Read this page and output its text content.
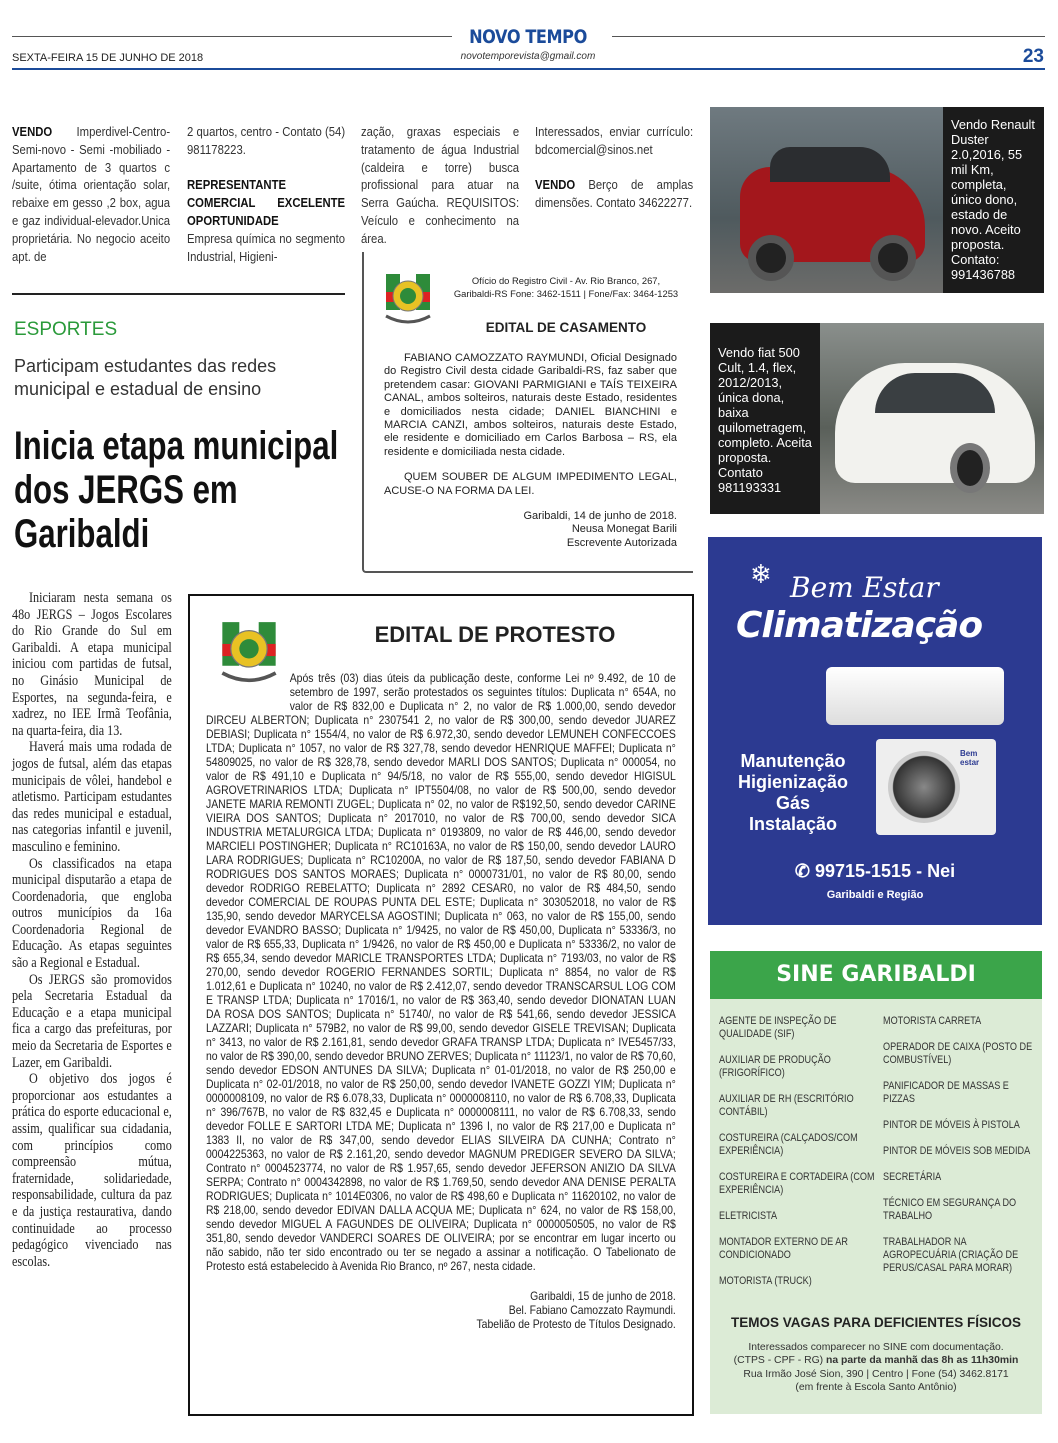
NOVO TEMPO
novotemporevista@gmail.com
SEXTA-FEIRA 15 DE JUNHO DE 2018	23
VENDO Imperdivel-Centro-Semi-novo - Semi -mobiliado -Apartamento de 3 quartos c /suite, ótima orientação solar, rebaixe em gesso ,2 box, agua e gaz individual-elevador.Unica proprietária. No negocio aceito apt. de
2 quartos, centro - Contato (54) 981178223.

REPRESENTANTE COMERCIAL EXCELENTE OPORTUNIDADE
Empresa química no segmento Industrial, Higieni-
zação, graxas especiais e tratamento de água Industrial (caldeira e torre) busca profissional para atuar na Serra Gaúcha. REQUISITOS: Veículo e conhecimento na área.
Interessados, enviar currículo: bdcomercial@sinos.net

VENDO Berço de amplas dimensões. Contato 34622277.
Vendo Renault Duster 2.0,2016, 55 mil Km, completa, único dono, estado de novo. Aceito proposta. Contato: 991436788
Vendo fiat 500 Cult, 1.4, flex, 2012/2013, única dona, baixa quilometragem, completo. Aceita proposta. Contato 981193331
ESPORTES
Participam estudantes das redes municipal e estadual de ensino
Inicia etapa municipal dos JERGS em Garibaldi

Iniciaram nesta semana os 48o JERGS – Jogos Escolares do Rio Grande do Sul em Garibaldi. A etapa municipal iniciou com partidas de futsal, no Ginásio Municipal de Esportes, na segunda-feira, e xadrez, no IEE Irmã Teofânia, na quarta-feira, dia 13.

Haverá mais uma rodada de jogos de futsal, além das etapas municipais de vôlei, handebol e atletismo. Participam estudantes das redes municipal e estadual, nas categorias infantil e juvenil, masculino e feminino.

Os classificados na etapa municipal disputarão a etapa de Coordenadoria, que engloba outros municípios da 16a Coordenadoria Regional de Educação. As etapas seguintes são a Regional e Estadual.

Os JERGS são promovidos pela Secretaria Estadual da Educação e a etapa municipal fica a cargo das prefeituras, por meio da Secretaria de Esportes e Lazer, em Garibaldi.

O objetivo dos jogos é proporcionar aos estudantes a prática do esporte educacional e, assim, qualificar sua cidadania, com princípios como compreensão mútua, fraternidade, solidariedade, responsabilidade, cultura da paz e da justiça restaurativa, dando continuidade ao processo pedagógico vivenciado nas escolas.

Ofício do Registro Civil - Av. Rio Branco, 267,
Garibaldi-RS Fone: 3462-1511 | Fone/Fax: 3464-1253
EDITAL DE CASAMENTO
FABIANO CAMOZZATO RAYMUNDI, Oficial Designado do Registro Civil desta cidade Garibaldi-RS, faz saber que pretendem casar: GIOVANI PARMIGIANI e TAÍS TEIXEIRA CANAL, ambos solteiros, naturais deste Estado, residentes e domiciliados nesta cidade; DANIEL BIANCHINI e MARCIA CANZI, ambos solteiros, naturais deste Estado, ele residente e domiciliado em Carlos Barbosa – RS, ela residente e domiciliada nesta cidade.
QUEM SOUBER DE ALGUM IMPEDIMENTO LEGAL, ACUSE-O NA FORMA DA LEI.
Garibaldi, 14 de junho de 2018.
Neusa Monegat Barili
Escrevente Autorizada
EDITAL DE PROTESTO
Após três (03) dias úteis da publicação deste, conforme Lei nº 9.492, de 10 de setembro de 1997, serão protestados os seguintes títulos: Duplicata n° 654A, no valor de R$ 832,00 e Duplicata n° 2, no valor de R$ 1.000,00, sendo devedor DIRCEU ALBERTON; Duplicata n° 2307541 2, no valor de R$ 300,00, sendo devedor JUAREZ DEBIASI; Duplicata n° 1554/4, no valor de R$ 6.972,30, sendo devedor LEMUNEH CONFECCOES LTDA; Duplicata n° 1057, no valor de R$ 327,78, sendo devedor HENRIQUE MAFFEI; Duplicata n° 54809025, no valor de R$ 328,78, sendo devedor MARLI DOS SANTOS; Duplicata n° 000054, no valor de R$ 491,10 e Duplicata n° 94/5/18, no valor de R$ 555,00, sendo devedor HIGISUL AGROVETRINARIOS LTDA; Duplicata n° IPT5504/08, no valor de R$ 500,00, sendo devedor JANETE MARIA REMONTI ZUGEL; Duplicata n° 02, no valor de R$192,50, sendo devedor CARINE VIEIRA DOS SANTOS; Duplicata n° 2017010, no valor de R$ 700,00, sendo devedor SICA INDUSTRIA METALURGICA LTDA; Duplicata n° 0193809, no valor de R$ 446,00, sendo devedor MARCIELI POSTINGHER; Duplicata n° RC10163A, no valor de R$ 150,00, sendo devedor LAURO LARA RODRIGUES; Duplicata n° RC10200A, no valor de R$ 187,50, sendo devedor FABIANA D RODRIGUES DOS SANTOS MORAES; Duplicata n° 0000731/01, no valor de R$ 80,00, sendo devedor RODRIGO REBELATTO; Duplicata n° 2892 CESAR0, no valor de R$ 484,50, sendo devedor COMERCIAL DE ROUPAS PUNTA DEL ESTE; Duplicata n° 303052018, no valor de R$ 135,90, sendo devedor MARYCELSA AGOSTINI; Duplicata n° 063, no valor de R$ 155,00, sendo devedor EVANDRO BASSO; Duplicata n° 1/9425, no valor de R$ 450,00, Duplicata n° 53336/3, no valor de R$ 655,33, Duplicata n° 1/9426, no valor de R$ 450,00 e Duplicata n° 53336/2, no valor de R$ 655,34, sendo devedor MARICLE TRANSPORTES LTDA; Duplicata n° 7193/03, no valor de R$ 270,00, sendo devedor ROGERIO FERNANDES SORTIL; Duplicata n° 8854, no valor de R$ 1.012,61 e Duplicata n° 10240, no valor de R$ 2.412,07, sendo devedor TRANSCARSUL LOG COM E TRANSP LTDA; Duplicata n° 17016/1, no valor de R$ 363,40, sendo devedor DIONATAN LUAN DA ROSA DOS SANTOS; Duplicata n° 51740/, no valor de R$ 541,66, sendo devedor JESSICA LAZZARI; Duplicata n° 579B2, no valor de R$ 99,00, sendo devedor GISELE TREVISAN; Duplicata n° 3413, no valor de R$ 2.161,81, sendo devedor GRAFA TRANSP LTDA; Duplicata n° IVE5457/33, no valor de R$ 390,00, sendo devedor BRUNO ZERVES; Duplicata n° 11123/1, no valor de R$ 70,60, sendo devedor EDSON ANTUNES DA SILVA; Duplicata n° 01-01/2018, no valor de R$ 250,00 e Duplicata n° 02-01/2018, no valor de R$ 250,00, sendo devedor IVANETE GOZZI YIM; Duplicata n° 0000008109, no valor de R$ 6.078,33, Duplicata n° 0000008110, no valor de R$ 6.708,33, Duplicata n° 396/767B, no valor de R$ 832,45 e Duplicata n° 0000008111, no valor de R$ 6.708,33, sendo devedor FOLLE E SARTORI LTDA ME; Duplicata n° 1396 I, no valor de R$ 217,00 e Duplicata n° 1383 II, no valor de R$ 347,00, sendo devedor ELIAS SILVEIRA DA CUNHA; Contrato n° 0004225363, no valor de R$ 2.161,20, sendo devedor MAGNUM PREDIGER SEVERO DA SILVA; Contrato n° 0004523774, no valor de R$ 1.957,65, sendo devedor JEFERSON ANIZIO DA SILVA SERPA; Contrato n° 0004342898, no valor de R$ 1.769,50, sendo devedor ANA DENISE PERALTA RODRIGUES; Duplicata n° 1014E0306, no valor de R$ 498,60 e Duplicata n° 11620102, no valor de R$ 218,00, sendo devedor EDIVAN DALLA ACQUA ME; Duplicata n° 624, no valor de R$ 158,00, sendo devedor MIGUEL A FAGUNDES DE OLIVEIRA; Duplicata n° 0000050505, no valor de R$ 351,80, sendo devedor VANDERCI SOARES DE OLIVEIRA; por se encontrar em lugar incerto ou não sabido, não ter sido encontrado ou ter se negado a assinar a notificação. O Tabelionato de Protesto está estabelecido à Avenida Rio Branco, nº 267, nesta cidade.
Garibaldi, 15 de junho de 2018.
Bel. Fabiano Camozzato Raymundi.
Tabelião de Protesto de Títulos Designado.
❄ Bem Estar
Climatização
Bem estar
Manutenção
Higienização
Gás
Instalação
✆ 99715-1515 - Nei
Garibaldi e Região
SINE GARIBALDI
AGENTE DE INSPEÇÃO DE QUALIDADE (SIF)
AUXILIAR DE PRODUÇÃO (FRIGORÍFICO)
AUXILIAR DE RH (ESCRITÓRIO CONTÁBIL)
COSTUREIRA (CALÇADOS/COM EXPERIÊNCIA)
COSTUREIRA E CORTADEIRA (COM EXPERIÊNCIA)
ELETRICISTA
MONTADOR EXTERNO DE AR CONDICIONADO
MOTORISTA (TRUCK)
MOTORISTA CARRETA
OPERADOR DE CAIXA (POSTO DE COMBUSTÍVEL)
PANIFICADOR DE MASSAS E PIZZAS
PINTOR DE MÓVEIS À PISTOLA
PINTOR DE MÓVEIS SOB MEDIDA
SECRETÁRIA
TÉCNICO EM SEGURANÇA DO TRABALHO
TRABALHADOR NA AGROPECUÁRIA (CRIAÇÃO DE PERUS/CASAL PARA MORAR)
TEMOS VAGAS PARA DEFICIENTES FÍSICOS
Interessados comparecer no SINE com documentação.
(CTPS - CPF - RG) na parte da manhã das 8h as 11h30min
Rua Irmão José Sion, 390 | Centro | Fone (54) 3462.8171
(em frente à Escola Santo Antônio)
